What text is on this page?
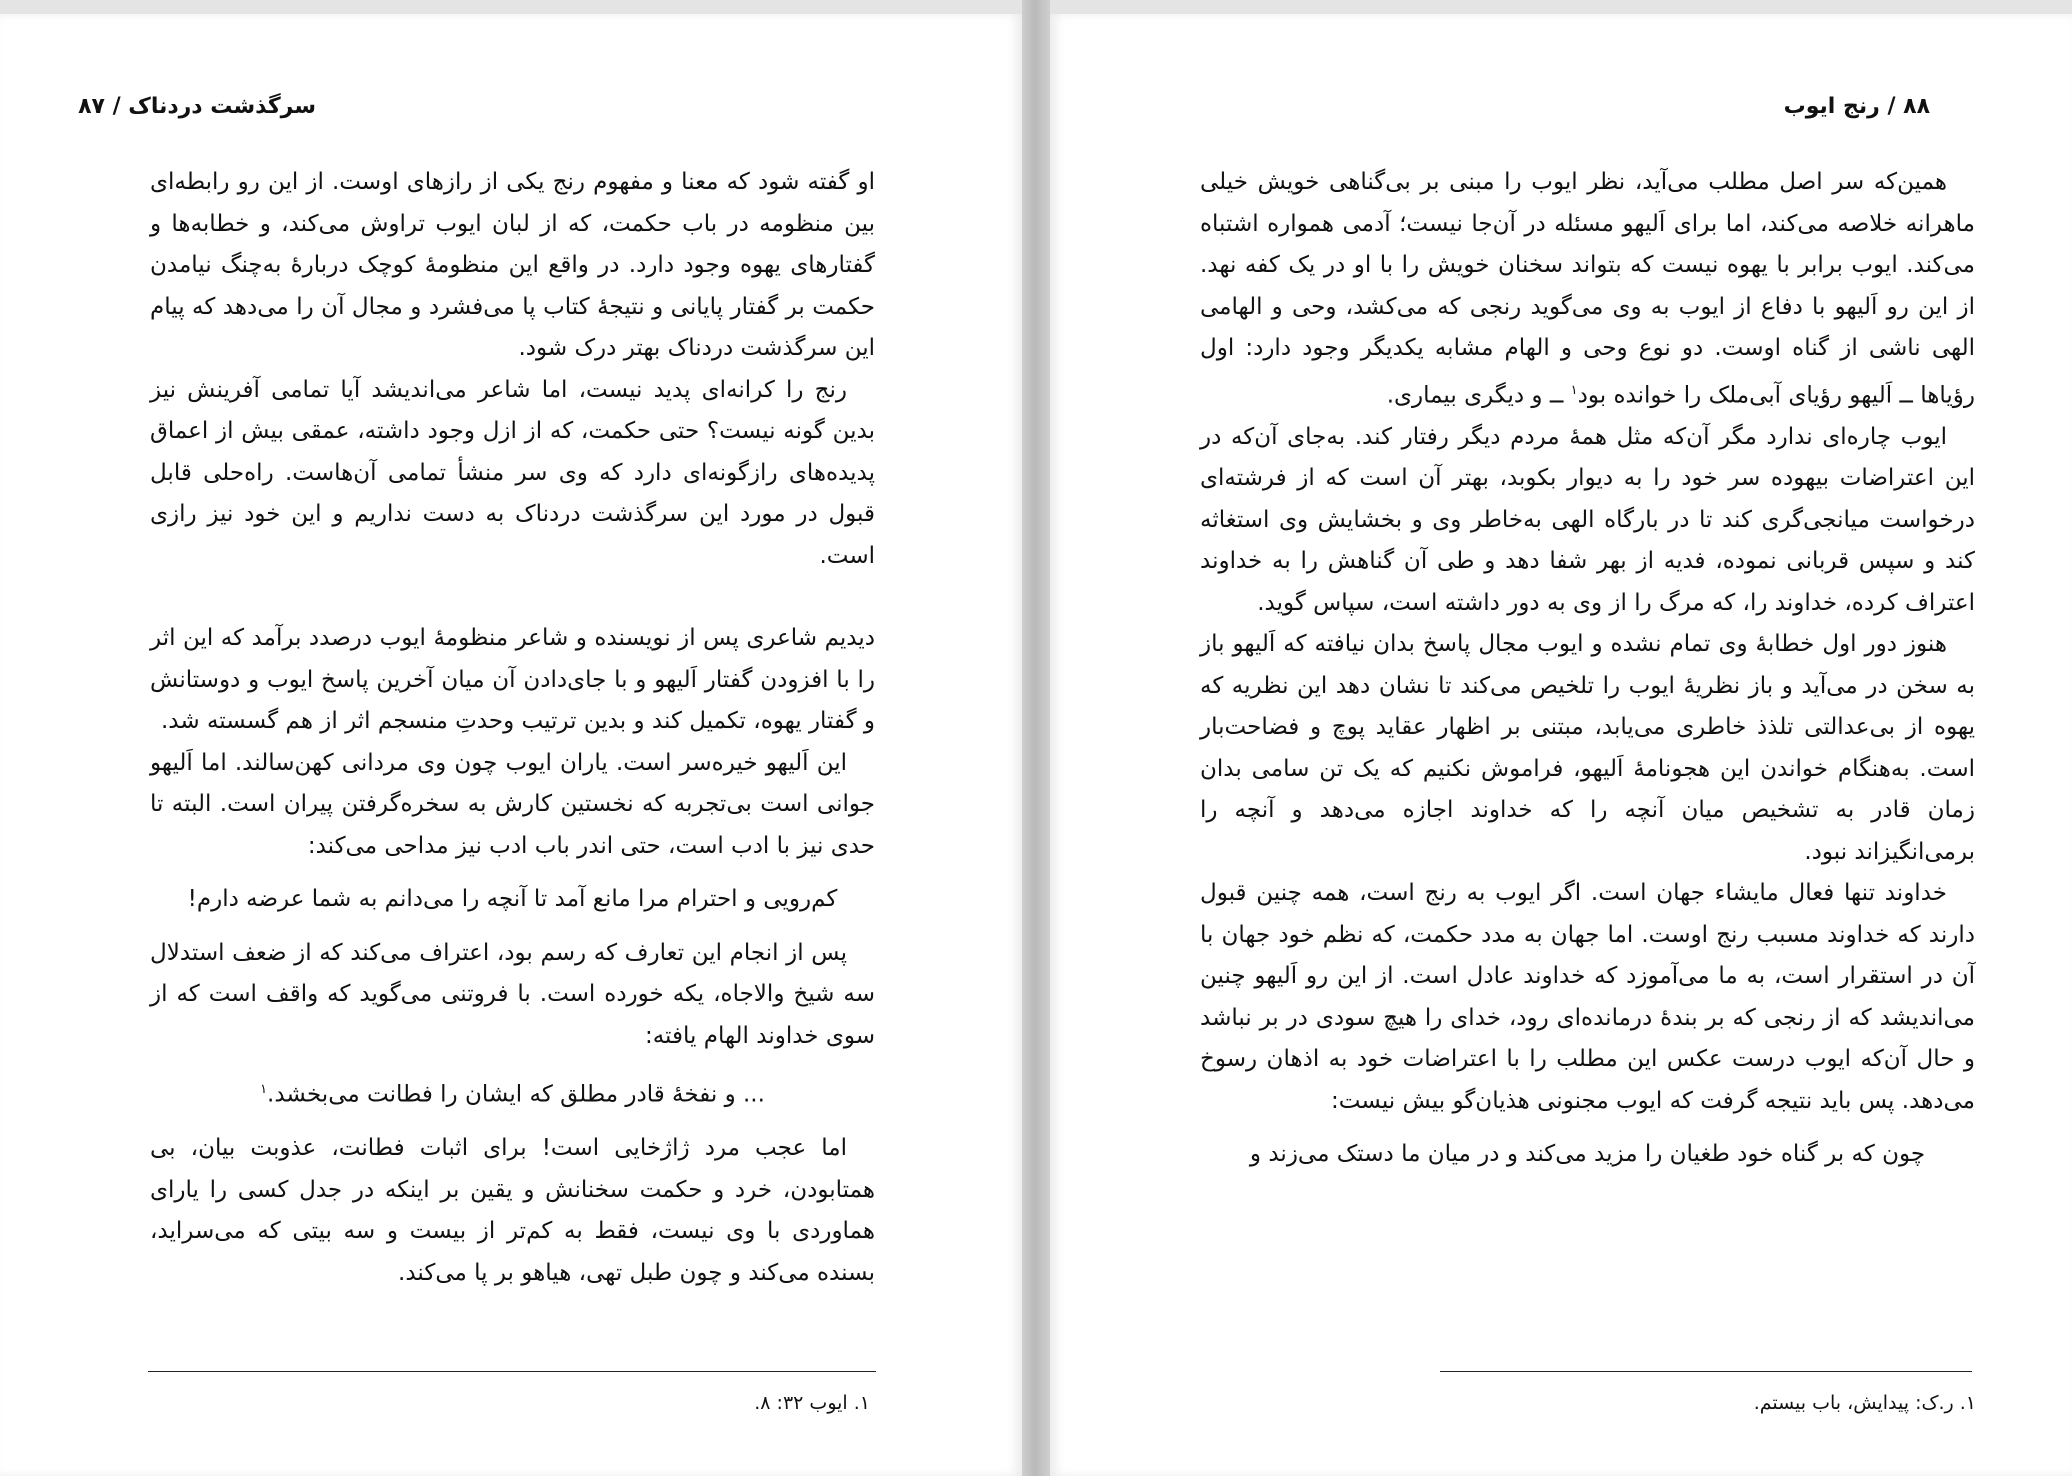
سرگذشت دردناک / ۸۷

او گفته شود که معنا و مفهوم رنج یکی از رازهای اوست. از این رو رابطه‌ای بین منظومه در باب حکمت، که از لبان ایوب تراوش می‌کند، و خطابه‌ها و گفتارهای یهوه وجود دارد. در واقع این منظومهٔ کوچک دربارهٔ به‌چنگ نیامدن حکمت بر گفتار پایانی و نتیجهٔ کتاب پا می‌فشرد و مجال آن را می‌دهد که پیام این سرگذشت دردناک بهتر درک شود.

رنج را کرانه‌ای پدید نیست، اما شاعر می‌اندیشد آیا تمامی آفرینش نیز بدین گونه نیست؟ حتی حکمت، که از ازل وجود داشته، عمقی بیش از اعماق پدیده‌های رازگونه‌ای دارد که وی سر منشأ تمامی آن‌هاست. راه‌حلی قابل قبول در مورد این سرگذشت دردناک به دست نداریم و این خود نیز رازی است.

دیدیم شاعری پس از نویسنده و شاعر منظومهٔ ایوب درصدد برآمد که این اثر را با افزودن گفتار اَلیهو و با جای‌دادن آن میان آخرین پاسخ ایوب و دوستانش و گفتار یهوه، تکمیل کند و بدین ترتیب وحدتِ منسجم اثر از هم گسسته شد.

این اَلیهو خیره‌سر است. یاران ایوب چون وی مردانی کهن‌سالند. اما اَلیهو جوانی است بی‌تجربه که نخستین کارش به سخره‌گرفتن پیران است. البته تا حدی نیز با ادب است، حتی اندر باب ادب نیز مداحی می‌کند:

کم‌رویی و احترام مرا مانع آمد تا آنچه را می‌دانم به شما عرضه دارم!

پس از انجام این تعارف که رسم بود، اعتراف می‌کند که از ضعف استدلال سه شیخ والاجاه، یکه خورده است. با فروتنی می‌گوید که واقف است که از سوی خداوند الهام یافته:

... و نفخهٔ قادر مطلق که ایشان را فطانت می‌بخشد.$^۱$

اما عجب مرد ژاژخایی است! برای اثبات فطانت، عذوبت بیان، بی همتابودن، خرد و حکمت سخنانش و یقین بر اینکه در جدل کسی را یارای هماوردی با وی نیست، فقط به کم‌تر از بیست و سه بیتی که می‌سراید، بسنده می‌کند و چون طبل تهی، هیاهو بر پا می‌کند.

۱. ایوب ۳۲: ۸.
۸۸ / رنج ایوب

همین‌که سر اصل مطلب می‌آید، نظر ایوب را مبنی بر بی‌گناهی خویش خیلی ماهرانه خلاصه می‌کند، اما برای اَلیهو مسئله در آن‌جا نیست؛ آدمی همواره اشتباه می‌کند. ایوب برابر با یهوه نیست که بتواند سخنان خویش را با او در یک کفه نهد. از این رو اَلیهو با دفاع از ایوب به وی می‌گوید رنجی که می‌کشد، وحی و الهامی الهی ناشی از گناه اوست. دو نوع وحی و الهام مشابه یکدیگر وجود دارد: اول رؤیاها ــ اَلیهو رؤیای آبی‌ملک را خوانده بود$^۱$ ــ و دیگری بیماری.

ایوب چاره‌ای ندارد مگر آن‌که مثل همهٔ مردم دیگر رفتار کند. به‌جای آن‌که در این اعتراضات بیهوده سر خود را به دیوار بکوبد، بهتر آن است که از فرشته‌ای درخواست میانجی‌گری کند تا در بارگاه الهی به‌خاطر وی و بخشایش وی استغاثه کند و سپس قربانی نموده، فدیه از بهر شفا دهد و طی آن گناهش را به خداوند اعتراف کرده، خداوند را، که مرگ را از وی به دور داشته است، سپاس گوید.

هنوز دور اول خطابهٔ وی تمام نشده و ایوب مجال پاسخ بدان نیافته که اَلیهو باز به سخن در می‌آید و باز نظریهٔ ایوب را تلخیص می‌کند تا نشان دهد این نظریه که یهوه از بی‌عدالتی تلذذ خاطری می‌یابد، مبتنی بر اظهار عقاید پوچ و فضاحت‌بار است. به‌هنگام خواندن این هجونامهٔ اَلیهو، فراموش نکنیم که یک تن سامی بدان زمان قادر به تشخیص میان آنچه را که خداوند اجازه می‌دهد و آنچه را برمی‌انگیزاند نبود.

خداوند تنها فعال مایشاء جهان است. اگر ایوب به رنج است، همه چنین قبول دارند که خداوند مسبب رنج اوست. اما جهان به مدد حکمت، که نظم خود جهان با آن در استقرار است، به ما می‌آموزد که خداوند عادل است. از این رو اَلیهو چنین می‌اندیشد که از رنجی که بر بندهٔ درمانده‌ای رود، خدای را هیچ سودی در بر نباشد و حال آن‌که ایوب درست عکس این مطلب را با اعتراضات خود به اذهان رسوخ می‌دهد. پس باید نتیجه گرفت که ایوب مجنونی هذیان‌گو بیش نیست:

چون که بر گناه خود طغیان را مزید می‌کند و در میان ما دستک می‌زند و

۱. ر.ک: پیدایش، باب بیستم.
